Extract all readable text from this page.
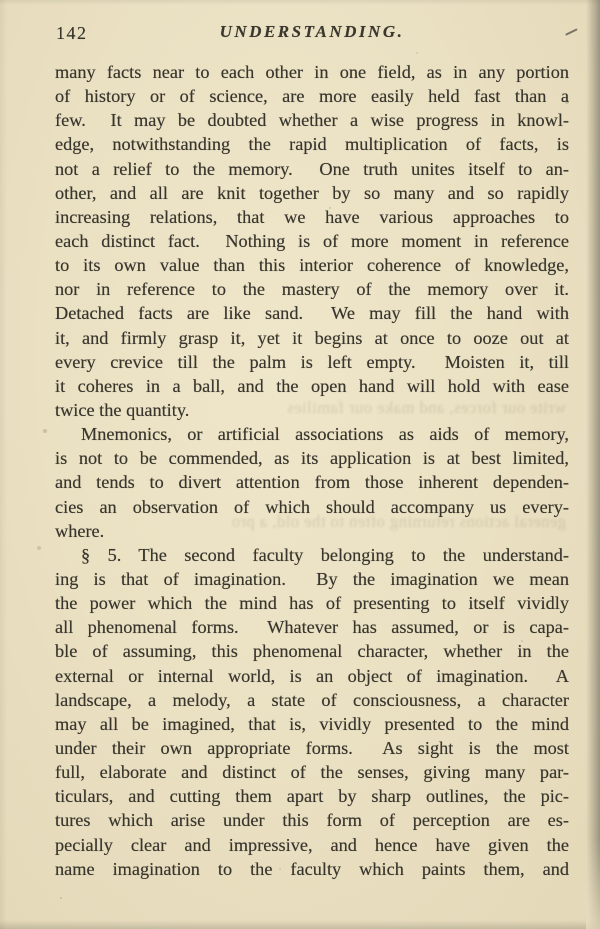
142	UNDERSTANDING.
many facts near to each other in one field, as in any portion
of history or of science, are more easily held fast than a
few.  It may be doubted whether a wise progress in knowl-
edge, notwithstanding the rapid multiplication of facts, is
not a relief to the memory.  One truth unites itself to an-
other, and all are knit together by so many and so rapidly
increasing relations, that we have various approaches to
each distinct fact.  Nothing is of more moment in reference
to its own value than this interior coherence of knowledge,
nor in reference to the mastery of the memory over it.
Detached facts are like sand.  We may fill the hand with
it, and firmly grasp it, yet it begins at once to ooze out at
every crevice till the palm is left empty.  Moisten it, till
it coheres in a ball, and the open hand will hold with ease
twice the quantity.
Mnemonics, or artificial associations as aids of memory,
is not to be commended, as its application is at best limited,
and tends to divert attention from those inherent dependen-
cies an observation of which should accompany us every-
where.
§ 5. The second faculty belonging to the understand-
ing is that of imagination.  By the imagination we mean
the power which the mind has of presenting to itself vividly
all phenomenal forms.  Whatever has assumed, or is capa-
ble of assuming, this phenomenal character, whether in the
external or internal world, is an object of imagination.  A
landscape, a melody, a state of consciousness, a character
may all be imagined, that is, vividly presented to the mind
under their own appropriate forms.  As sight is the most
full, elaborate and distinct of the senses, giving many par-
ticulars, and cutting them apart by sharp outlines, the pic-
tures which arise under this form of perception are es-
pecially clear and impressive, and hence have given the
name imagination to the faculty which paints them, and
write our forces, and make our families
general actions returning often to the old, a pro
